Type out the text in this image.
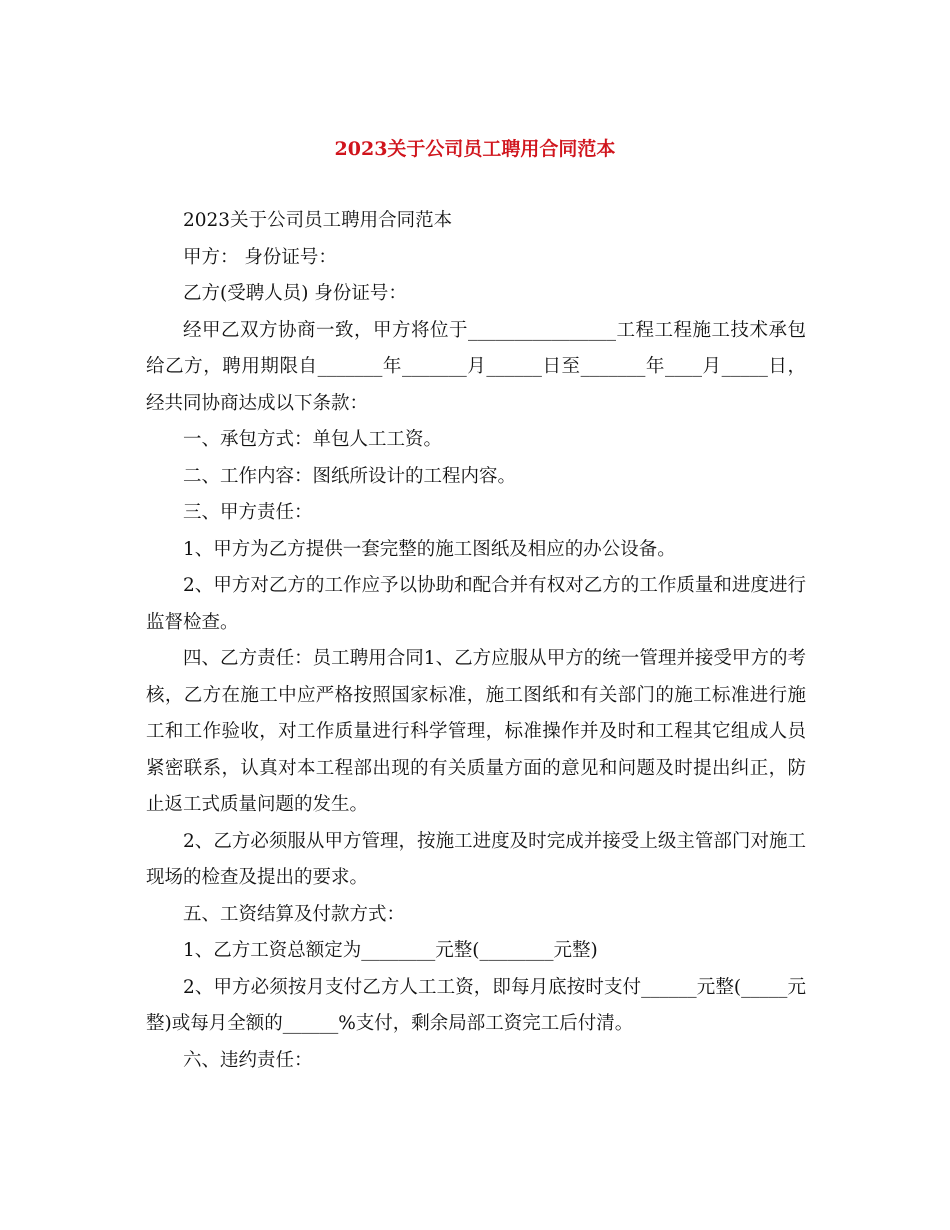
2023关于公司员工聘用合同范本

2023关于公司员工聘用合同范本

甲方： 身份证号：

乙方(受聘人员) 身份证号：

经甲乙双方协商一致，甲方将位于________________工程工程施工技术承包给乙方，聘用期限自_______年_______月______日至_______年____月_____日，经共同协商达成以下条款：

一、承包方式：单包人工工资。

二、工作内容：图纸所设计的工程内容。

三、甲方责任：

1、甲方为乙方提供一套完整的施工图纸及相应的办公设备。

2、甲方对乙方的工作应予以协助和配合并有权对乙方的工作质量和进度进行监督检查。

四、乙方责任：员工聘用合同1、乙方应服从甲方的统一管理并接受甲方的考核，乙方在施工中应严格按照国家标准，施工图纸和有关部门的施工标准进行施工和工作验收，对工作质量进行科学管理，标准操作并及时和工程其它组成人员紧密联系，认真对本工程部出现的有关质量方面的意见和问题及时提出纠正，防止返工式质量问题的发生。

2、乙方必须服从甲方管理，按施工进度及时完成并接受上级主管部门对施工现场的检查及提出的要求。

五、工资结算及付款方式：

1、乙方工资总额定为________元整(________元整)

2、甲方必须按月支付乙方人工工资，即每月底按时支付______元整(_____元整)或每月全额的______%支付，剩余局部工资完工后付清。

六、违约责任：
